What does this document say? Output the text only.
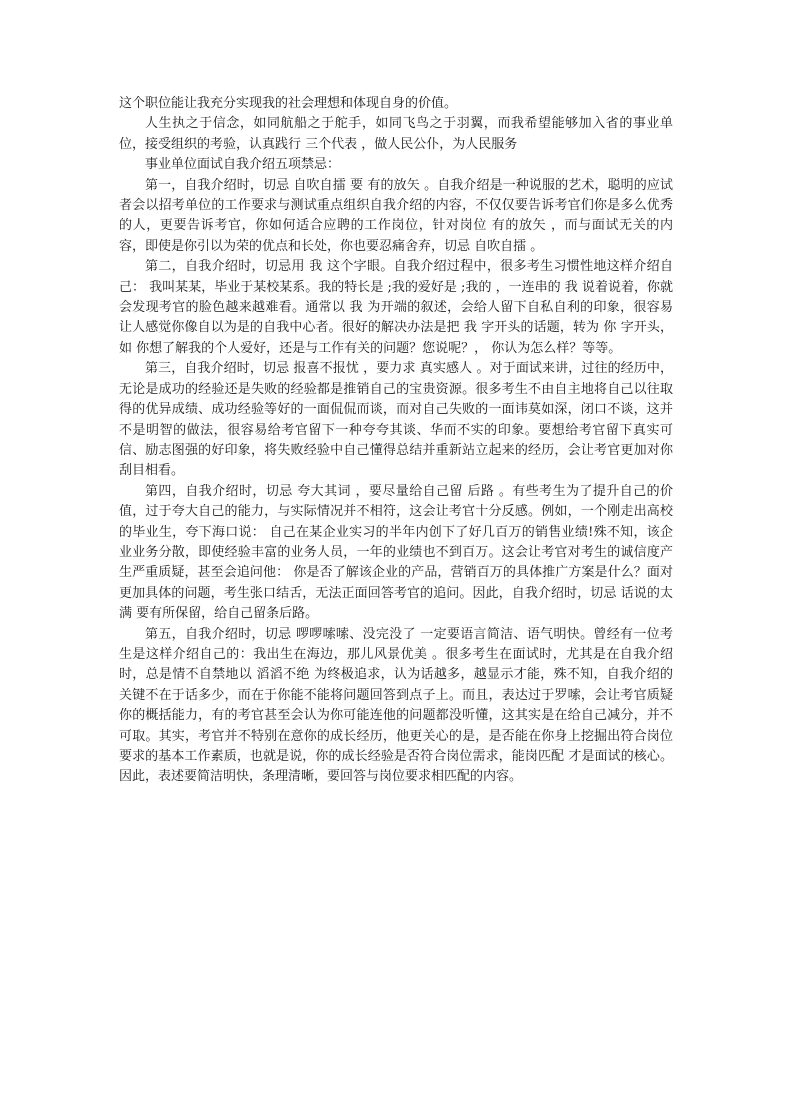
这个职位能让我充分实现我的社会理想和体现自身的价值。

人生执之于信念，如同航船之于舵手，如同飞鸟之于羽翼，而我希望能够加入省的事业单位，接受组织的考验，认真践行 三个代表 ，做人民公仆，为人民服务

事业单位面试自我介绍五项禁忌：

第一，自我介绍时，切忌 自吹自擂 要 有的放矢 。自我介绍是一种说服的艺术，聪明的应试者会以招考单位的工作要求与测试重点组织自我介绍的内容，不仅仅要告诉考官们你是多么优秀的人，更要告诉考官，你如何适合应聘的工作岗位，针对岗位 有的放矢 ，而与面试无关的内容，即使是你引以为荣的优点和长处，你也要忍痛舍弃，切忌 自吹自擂 。

第二，自我介绍时，切忌用 我 这个字眼。自我介绍过程中，很多考生习惯性地这样介绍自己： 我叫某某，毕业于某校某系。我的特长是 ;我的爱好是 ;我的 ，一连串的 我 说着说着，你就会发现考官的脸色越来越难看。通常以 我 为开端的叙述，会给人留下自私自利的印象，很容易让人感觉你像自以为是的自我中心者。很好的解决办法是把 我 字开头的话题，转为 你 字开头，如 你想了解我的个人爱好，还是与工作有关的问题？您说呢？， 你认为怎么样？等等。

第三，自我介绍时，切忌 报喜不报忧 ，要力求 真实感人 。对于面试来讲，过往的经历中，无论是成功的经验还是失败的经验都是推销自己的宝贵资源。很多考生不由自主地将自己以往取得的优异成绩、成功经验等好的一面侃侃而谈，而对自己失败的一面讳莫如深，闭口不谈，这并不是明智的做法，很容易给考官留下一种夸夸其谈、华而不实的印象。要想给考官留下真实可信、励志图强的好印象，将失败经验中自己懂得总结并重新站立起来的经历，会让考官更加对你刮目相看。

第四，自我介绍时，切忌 夸大其词 ，要尽量给自己留 后路 。有些考生为了提升自己的价值，过于夸大自己的能力，与实际情况并不相符，这会让考官十分反感。例如，一个刚走出高校的毕业生，夸下海口说： 自己在某企业实习的半年内创下了好几百万的销售业绩!殊不知，该企业业务分散，即使经验丰富的业务人员，一年的业绩也不到百万。这会让考官对考生的诚信度产生严重质疑，甚至会追问他： 你是否了解该企业的产品，营销百万的具体推广方案是什么？面对更加具体的问题，考生张口结舌，无法正面回答考官的追问。因此，自我介绍时，切忌 话说的太满 要有所保留，给自己留条后路。

第五，自我介绍时，切忌 啰啰嗦嗦、没完没了 一定要语言简洁、语气明快。曾经有一位考生是这样介绍自己的：我出生在海边，那儿风景优美 。很多考生在面试时，尤其是在自我介绍时，总是情不自禁地以 滔滔不绝 为终极追求，认为话越多，越显示才能，殊不知，自我介绍的关键不在于话多少，而在于你能不能将问题回答到点子上。而且，表达过于罗嗦，会让考官质疑你的概括能力，有的考官甚至会认为你可能连他的问题都没听懂，这其实是在给自己减分，并不可取。其实，考官并不特别在意你的成长经历，他更关心的是，是否能在你身上挖掘出符合岗位要求的基本工作素质，也就是说，你的成长经验是否符合岗位需求，能岗匹配 才是面试的核心。因此，表述要简洁明快，条理清晰，要回答与岗位要求相匹配的内容。
